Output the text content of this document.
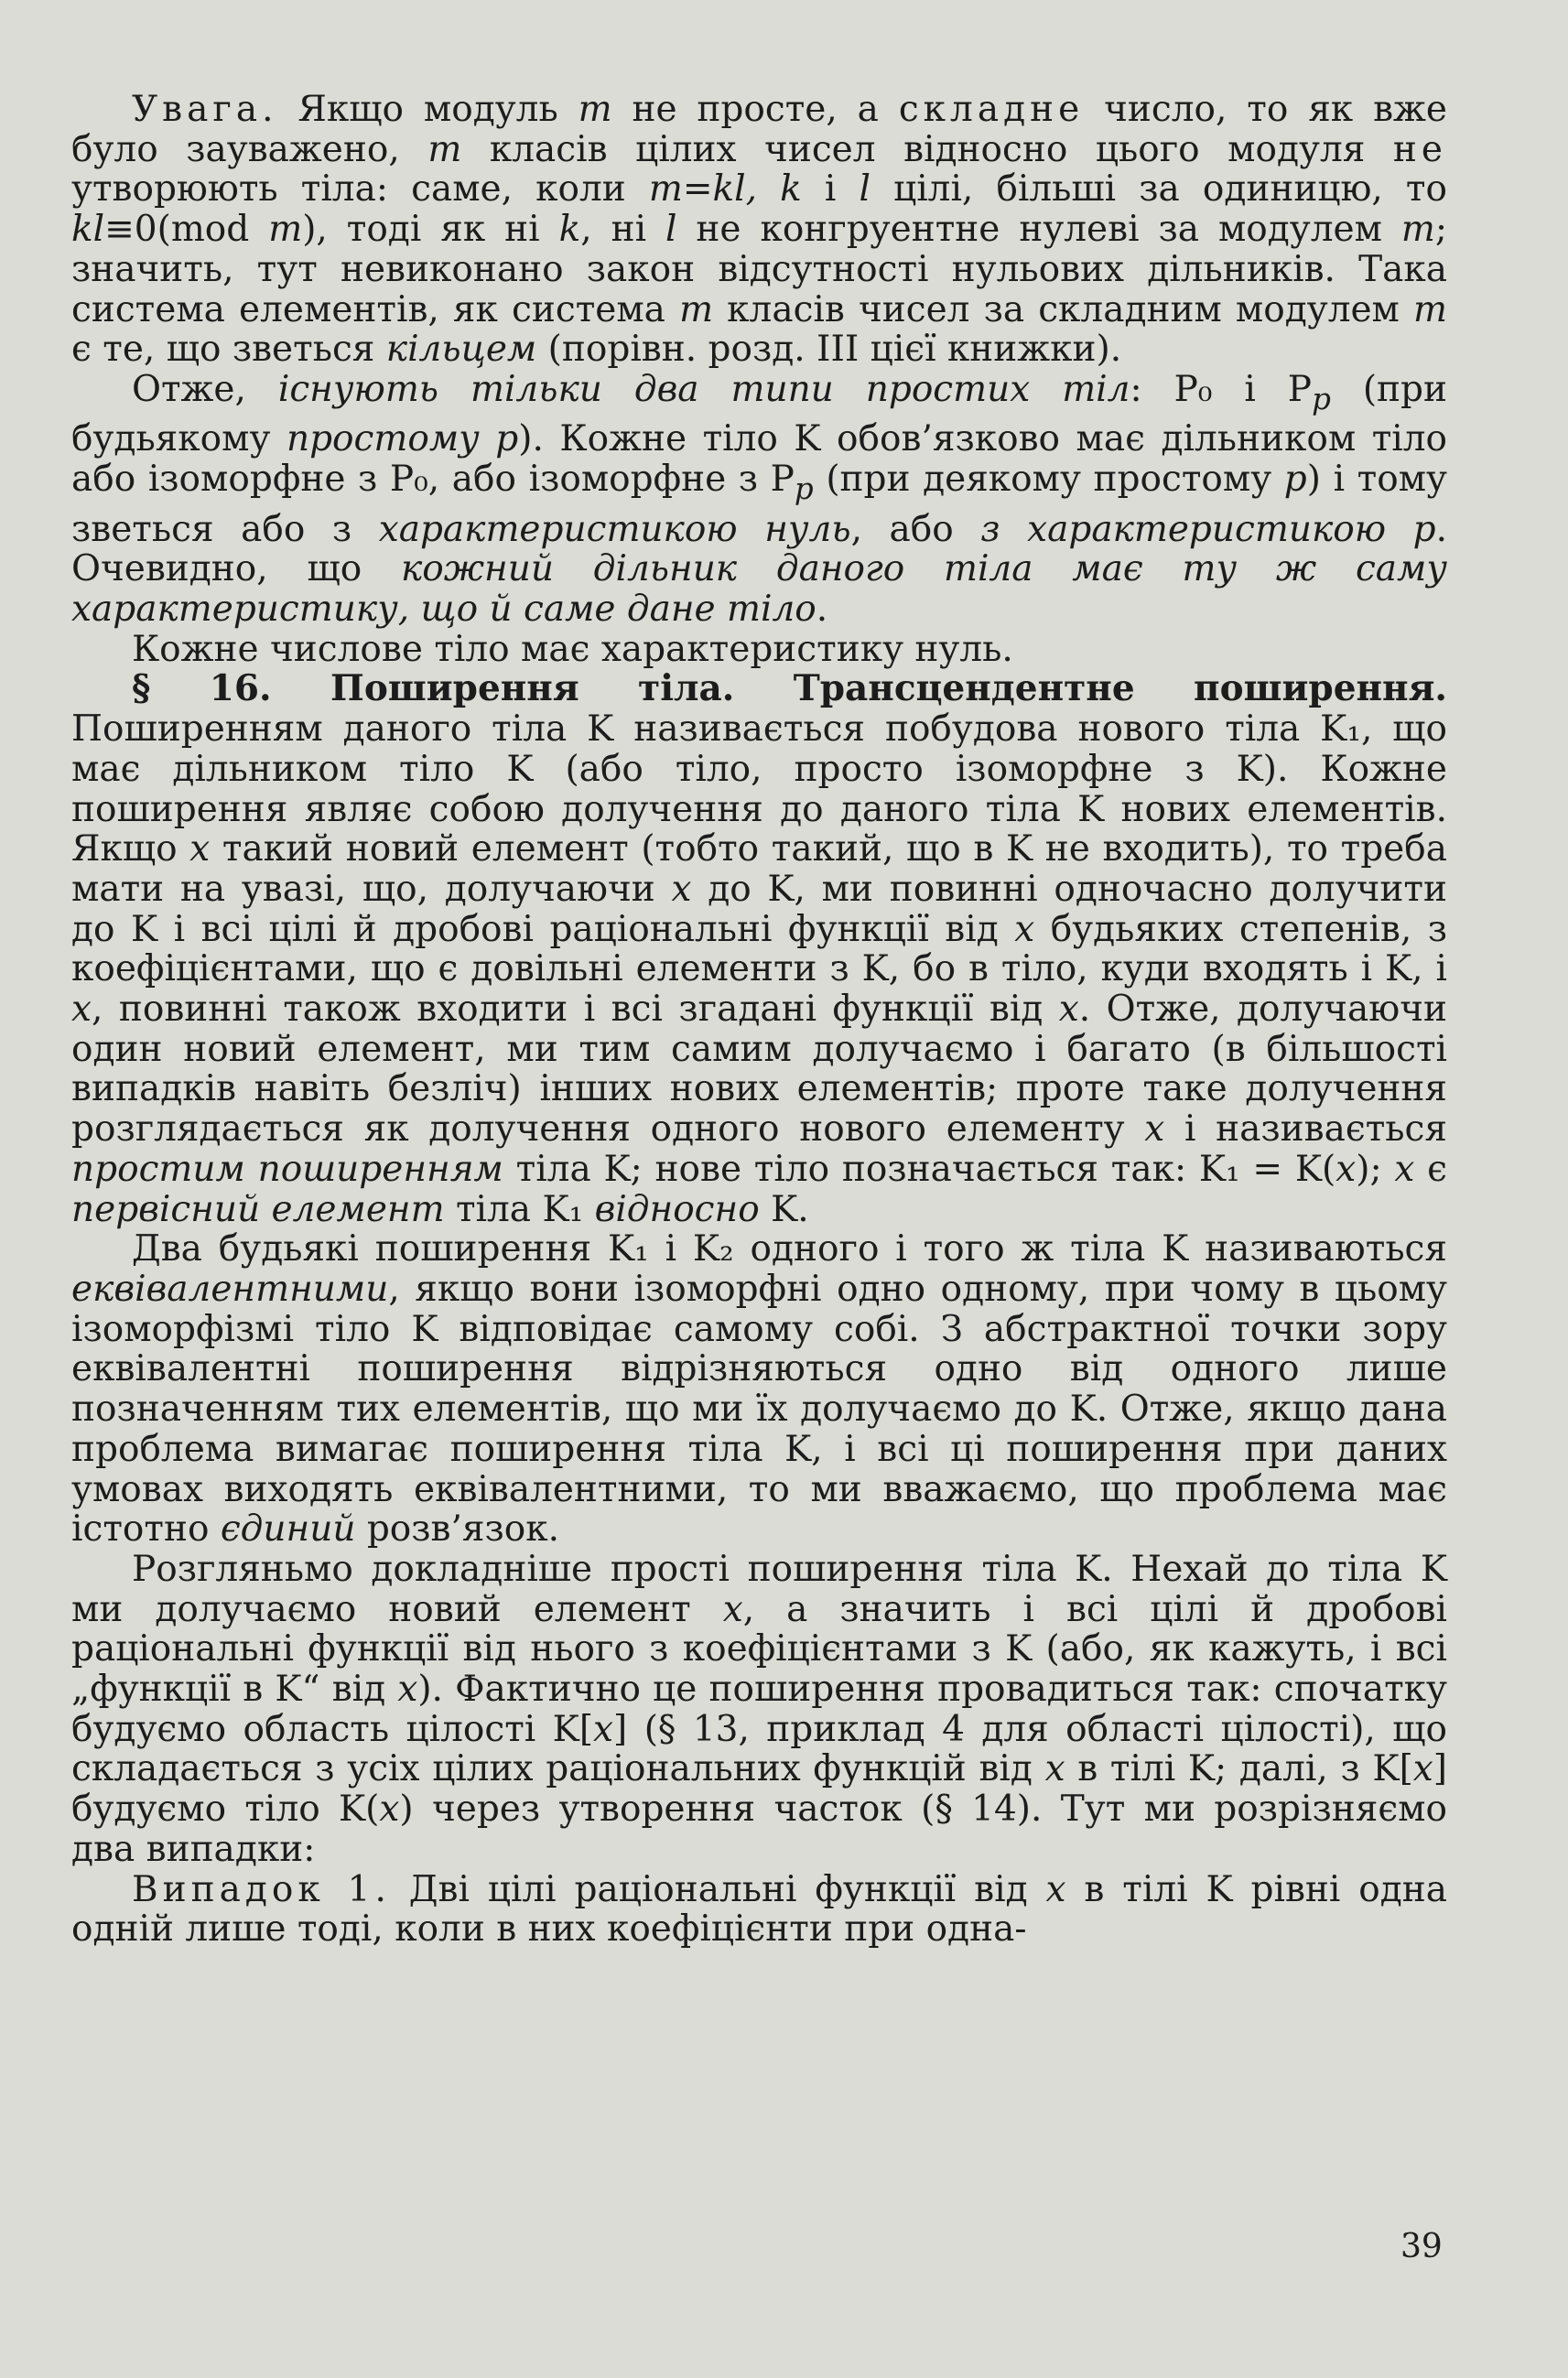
Увага. Якщо модуль m не просте, а складне число, то як вже було зауважено, m класів цілих чисел відносно цього модуля не утворюють тіла: саме, коли m=kl, k і l цілі, більші за одиницю, то kl≡0(mod m), тоді як ні k, ні l не конгруентне нулеві за модулем m; значить, тут невиконано закон відсутності нульових дільників. Така система елементів, як система m класів чисел за складним модулем m є те, що зветься кільцем (порівн. розд. III цієї книжки).

Отже, існують тільки два типи простих тіл: P₀ і $P_p$ (при будьякому простому p). Кожне тіло K обов’язково має дільником тіло або ізоморфне з P₀, або ізоморфне з $P_p$ (при деякому простому p) і тому зветься або з характеристикою нуль, або з характеристикою p. Очевидно, що кожний дільник даного тіла має ту ж саму характеристику, що й саме дане тіло.

Кожне числове тіло має характеристику нуль.

§ 16. Поширення тіла. Трансцендентне поширення. Поширенням даного тіла K називається побудова нового тіла K₁, що має дільником тіло K (або тіло, просто ізоморфне з K). Кожне поширення являє собою долучення до даного тіла K нових елементів. Якщо x такий новий елемент (тобто такий, що в K не входить), то треба мати на увазі, що, долучаючи x до K, ми повинні одночасно долучити до K і всі цілі й дробові раціональні функції від x будьяких степенів, з коефіцієнтами, що є довільні елементи з K, бо в тіло, куди входять і K, і x, повинні також входити і всі згадані функції від x. Отже, долучаючи один новий елемент, ми тим самим долучаємо і багато (в більшості випадків навіть безліч) інших нових елементів; проте таке долучення розглядається як долучення одного нового елементу x і називається простим поширенням тіла K; нове тіло позначається так: K₁ = K(x); x є первісний елемент тіла K₁ відносно K.

Два будьякі поширення K₁ і K₂ одного і того ж тіла K називаються еквівалентними, якщо вони ізоморфні одно одному, при чому в цьому ізоморфізмі тіло K відповідає самому собі. З абстрактної точки зору еквівалентні поширення відрізняються одно від одного лише позначенням тих елементів, що ми їх долучаємо до K. Отже, якщо дана проблема вимагає поширення тіла K, і всі ці поширення при даних умовах виходять еквівалентними, то ми вважаємо, що проблема має істотно єдиний розв’язок.

Розгляньмо докладніше прості поширення тіла K. Нехай до тіла K ми долучаємо новий елемент x, а значить і всі цілі й дробові раціональні функції від нього з коефіцієнтами з K (або, як кажуть, і всі „функції в K“ від x). Фактично це поширення провадиться так: спочатку будуємо область цілості K[x] (§ 13, приклад 4 для області цілості), що складається з усіх цілих раціональних функцій від x в тілі K; далі, з K[x] будуємо тіло K(x) через утворення часток (§ 14). Тут ми розрізняємо два випадки:

Випадок 1. Дві цілі раціональні функції від x в тілі K рівні одна одній лише тоді, коли в них коефіцієнти при одна-

39
